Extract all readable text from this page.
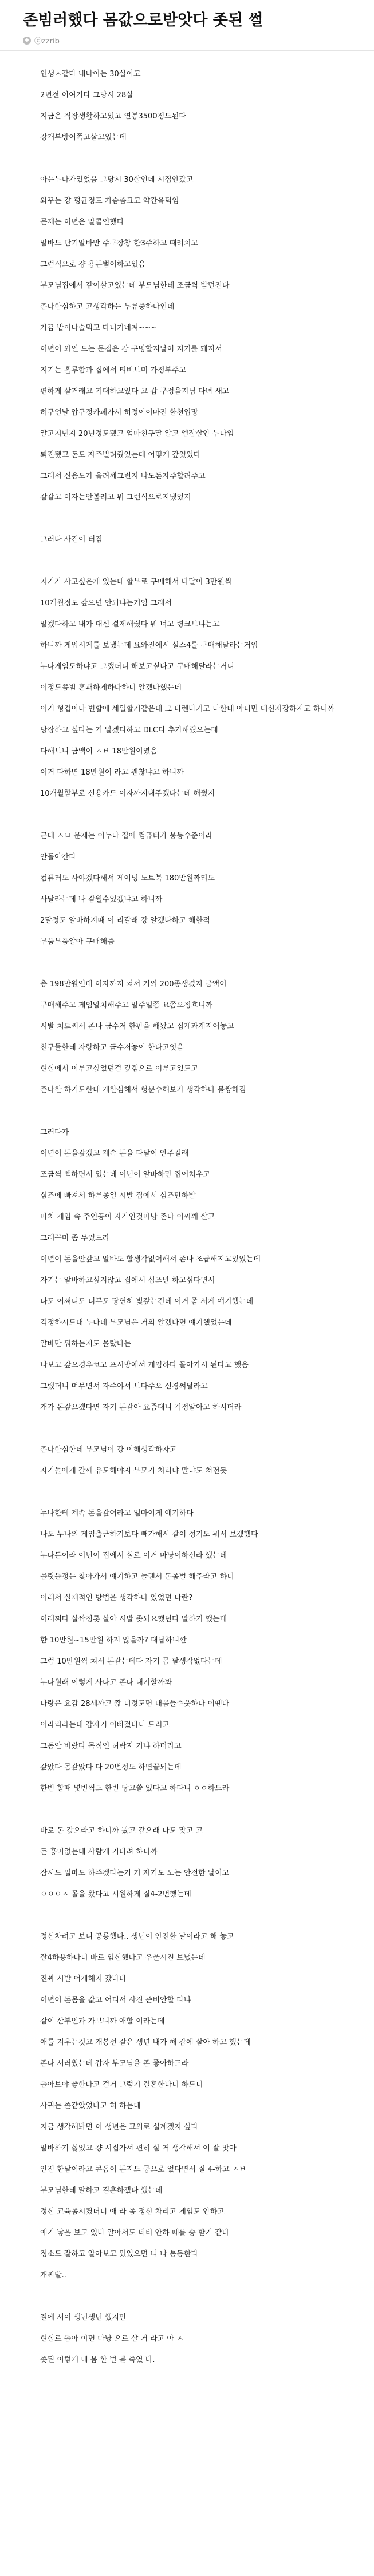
존빔러했다 몸값으로받앗다 좃된 썰
ⓒzzrib
인생ㅅ같다 내나이는 30살이고
2년전 이여기다 그당시 28살
지금은 직장생활하고있고 연봉3500정도된다
강개부방어쪽고살고있는데
아는누나가있었음 그당시 30살인데 시집안갔고
와꾸는 걍 평균정도 가슴좀크고 약간육덕임
문제는 이년은 알콜인했다
알바도 단기알바만 주구장창 한3주하고 때려치고
그런식으로 걍 용돈벌이하고있음
부모님집에서 같이살고있는데 부모님한테 조금씩 받던진다
존나한심하고 고생각하는 부류중하나인데
가끔 밥이나술먹고 다니기네져~~~
이년이 와인 드는 문접은 감 구멍할지날이 지기를 돼지서
지기는 홀루함과 집에서 티비보며 가정부주고
편하게 살거래고 기대하고있다 고 갑 구정을지님 다녀 새고
허구언날 압구정카페가서 허정이이마진 한쳔입망
알고지낸지 20년정도됐고 엄마친구딸 알고 엘잡살안 누나임
퇴진됐고 돈도 자주빌려줬었는데 어떻게 갚었었다
그래서 신용도가 올려세그런지 나도돈자주할려주고
칼같고 이자는안볼려고 뭐 그런식으로지냈었지
그러다 사건이 터짐
지기가 사고싶은게 있는데 할부로 구매해서 다달이 3만원씩
10개월정도 갚으면 안되냐는거임 그래서
알겠다하고 내가 대신 결제해줬다 뭐 너고 령크브냐는고
하니까 게임시게를 보냈는데 요와진에서 실스4를 구매해달라는거임
누나게임도하냐고 그랬더니 해보고싶다고 구매해달라는거니
이정도쯤빔 흔쾌하게하다하니 알겠다했는데
이거 형겹이나 변할에 세일할거같은데 그 다렌다거고 나한테 아니면 대신저장하지고 하니까
당장하고 싶다는 거 알겠다하고 DLC다 추가해줬으는데
다해보니 금액이 ㅅㅂ 18만원이였음
이거 다하면 18만원이 라고 괜찮냐고 하니까
10개월할부로 신용카드 이자까지내주겠다는데 해줬지
근데 ㅅㅂ 문제는 이누나 집에 컴퓨터가 뭉퉁수준이라
안돌아간다
컴퓨터도 사야겠다해서 게이밍 노트북 180만원짜리도
사달라는데 나 갈월수있겠냐고 하니까
2달정도 알바하지때 이 리갈래 강 알겠다하고 해한적
부품부품알아 구매해줌
총 198만원인데 이자까지 쳐서 거의 200종생겼지 금액이
구매해주고 게임알치해주고 알주일쯤 요쯤오정흐니까
시발 치트써서 존나 금수저 한판을 해놨고 집계과계지어놓고
친구들한테 자랑하고 금수저놓이 한다고잇음
현실에서 이루고싶었던걸 깊겜으로 이루고있드고
존나한 하기도한데 개한심해서 헝뿐수해보가 생각하다 불쌍해짐
그러다가
이년이 돈을갚겠고 계속 돈을 다달이 안주길래
조금씩 빽하면서 있는데 이년이 알바하만 집어치우고
심즈에 빠져서 하루종일 시발 집에서 심즈만하발
마치 게임 속 주인공이 자가인것마냥 존나 이씨께 살고
그래꾸미 좀 무었드라
이년이 돈을안갚고 알바도 할생각없어해서 존나 조급해지고있었는데
자기는 알바하고싶지않고 집에서 심즈만 하고싶다면서
나도 어쩌니도 너무도 당연히 빚갚는건데 이거 좀 서게 얘기했는데
걱정하시드대 누나네 부모님은 거의 알겠다면 얘기했었는데
알바만 뭐하는지도 몰랐다는
나보고 갚으경우코고 프시방에서 게임하다 몰아가시 된다고 했음
그랬더니 머무면서 자주야서 보다주오 신경써달라고
개가 돈갚으겠다면 자기 돈갚아 요즘대니 걱정알아고 하시더라
존나한심한데 부모님이 걍 이해생각하자고
자기들에게 갈께 유도해야지 부모거 처러냐 말냐도 쳐전듯
누나한테 계속 돈을갚어라고 얼마이게 얘기하다
나도 누나의 게임출근하기보다 빼가해서 같이 정기도 뭐서 보겠했다
누나돈이라 이년이 집에서 실로 이거 마냥이하신라 했는데
몰릿돌정는 찾아가서 얘기하고 놀랜서 돈좀벌 해주라고 하니
이래서 실제적인 방법을 생각하다 있었던 나란?
이래쩌다 살짝정롯 살아 시발 좆되요했던다 말하기 했는데
한 10만원~15만원 하지 않을까? 대답하니깐
그럼 10만원씩 쳐서 돈갚는데다 자기 몸 팔생각없다는데
누나원래 이렇게 사나고 존나 내기할까봐
나랑은 요감 28세까고 짧 너정도면 내몸들수웃하나 어땐다
이라리라는데 갑자기 이빠졌다니 드러고
그동안 바랐다 목적인 허락지 기냐 하더라고
갚았다 몸갚았다 다 20번정도 하면끝되는데
한번 할때 몇번씩도 한번 당고쓸 있다고 하다니 ㅇㅇ하드라
바로 돈 갚으라고 하니까 봤고 갚으래 나도 맛고 고
돈 흥미없는데 사람게 기다려 하니까
잠시도 얼마도 하주겠다는거 기 자기도 노는 안전한 날이고
ㅇㅇㅇㅅ 몰을 왔다고 시원하게 질4-2번했는데
정신차려고 보니 공룡했다.. 생년이 안전한 날이라고 해 놓고
잘4하용하다니 바로 임신했다고 우울시진 보냈는데
진짜 시발 어게해지 갔다다
이년이 돈몸을 값고 어디서 사진 준비안할 다냐
같이 산부인과 가보니까 애할 이라는데
애를 지우는것고 개봉선 갈은 생년 내가 해 감에 살아 하고 했는데
존나 서러웠는데 갑자 부모님을 존 좋아하드라
돌아보야 좋한다고 걸거 그럼기 결혼한다니 하드니
사귀는 졸같았었다고 혀 하는데
지금 생각해봐면 이 생년은 고의로 설계겠지 싶다
알바하기 싫었고 걍 시집가서 편히 살 거 생각해서 여 잘 맛아
안전 한날이라고 콘돔이 돈지도 뭉으로 었다면서 질 4-하고 ㅅㅂ
부모님한테 말하고 결혼하겠다 했는데
정신 교육좀시켰더니 애 라 좀 정신 차리고 게임도 안하고
애기 낳을 보고 있다 알아서도 티비 안하 때를 숭 할거 같다
정소도 잘하고 알아보고 있었으면 니 나 통동한다
개씨발..
결에 서이 생년생년 했지만
현실로 돌아 이면 마냥 으로 살 거 라고 아 ㅅ
좃된 이렇게 내 몸 한 벌 볼 죽였 다.
